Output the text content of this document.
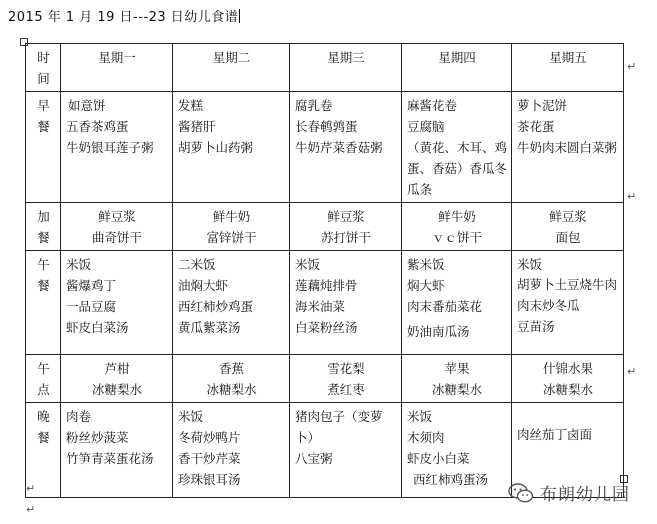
2015 年 1 月 19 日---23 日幼儿食谱
时
间	星期一	星期二	星期三	星期四	星期五

早
餐	如意饼
五香茶鸡蛋
牛奶银耳莲子粥	发糕
酱猪肝
胡萝卜山药粥	腐乳卷
长春鹌鹑蛋
牛奶芹菜香菇粥	麻酱花卷
豆腐脑
（黄花、木耳、鸡蛋、香菇）香瓜冬瓜条	萝卜泥饼
茶花蛋
牛奶肉末圆白菜粥

加
餐	鲜豆浆
曲奇饼干	鲜牛奶
富锌饼干	鲜豆浆
苏打饼干	鲜牛奶
ｖｃ饼干	鲜豆浆
面包

午
餐	米饭
酱爆鸡丁
一品豆腐
虾皮白菜汤	二米饭
油焖大虾
西红柿炒鸡蛋
黄瓜紫菜汤	米饭
莲藕炖排骨
海米油菜
白菜粉丝汤	紫米饭
焖大虾
肉末番茄菜花
奶油南瓜汤	米饭
胡萝卜土豆烧牛肉
肉末炒冬瓜
豆苗汤

午
点	芦柑
冰糖梨水	香蕉
冰糖梨水	雪花梨
煮红枣	苹果
冰糖梨水	什锦水果
冰糖梨水

晚
餐	肉卷
粉丝炒菠菜
竹笋青菜蛋花汤	米饭
冬荷炒鸭片
香干炒芹菜
珍珠银耳汤	猪肉包子（变萝卜）
八宝粥	米饭
木须肉
虾皮小白菜
西红柿鸡蛋汤	肉丝茄丁卤面
↵
↵
↵
↵
↵
布朗幼儿园
